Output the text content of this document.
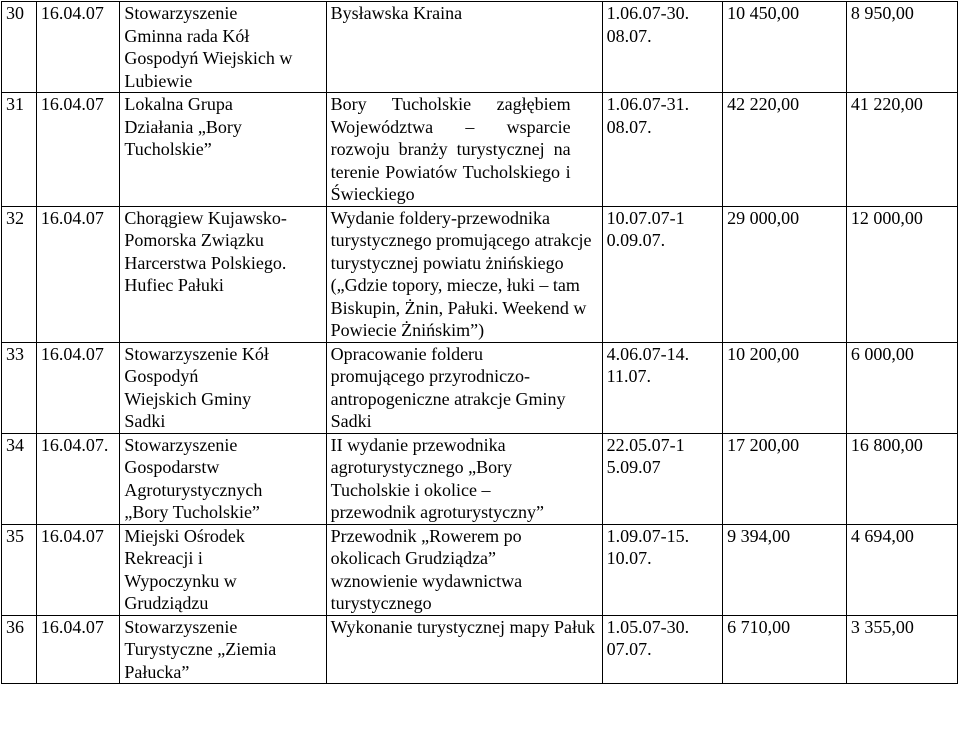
30	16.04.07	Stowarzyszenie Gminna rada Kół Gospodyń Wiejskich w Lubiewie	Bysławska Kraina	1.06.07-30.08.07.	10 450,00	8 950,00
31	16.04.07	Lokalna Grupa Działania „Bory Tucholskie”	Bory Tucholskie zagłębiem Województwa – wsparcie rozwoju branży turystycznej na terenie Powiatów Tucholskiego i Świeckiego	1.06.07-31.08.07.	42 220,00	41 220,00
32	16.04.07	Chorągiew Kujawsko-Pomorska Związku Harcerstwa Polskiego. Hufiec Pałuki	Wydanie foldery-przewodnika turystycznego promującego atrakcje turystycznej powiatu żnińskiego („Gdzie topory, miecze, łuki – tam Biskupin, Żnin, Pałuki. Weekend w Powiecie Żnińskim”)	10.07.07-10.09.07.	29 000,00	12 000,00
33	16.04.07	Stowarzyszenie Kół Gospodyń Wiejskich Gminy Sadki	Opracowanie folderu promującego przyrodniczo-antropogeniczne atrakcje Gminy Sadki	4.06.07-14.11.07.	10 200,00	6 000,00
34	16.04.07.	Stowarzyszenie Gospodarstw Agroturystycznych „Bory Tucholskie”	II wydanie przewodnika agroturystycznego „Bory Tucholskie i okolice – przewodnik agroturystyczny”	22.05.07-15.09.07	17 200,00	16 800,00
35	16.04.07	Miejski Ośrodek Rekreacji i Wypoczynku w Grudziądzu	Przewodnik „Rowerem po okolicach Grudziądza” wznowienie wydawnictwa turystycznego	1.09.07-15.10.07.	9 394,00	4 694,00
36	16.04.07	Stowarzyszenie Turystyczne „Ziemia Pałucka”	Wykonanie turystycznej mapy Pałuk	1.05.07-30.07.07.	6 710,00	3 355,00
